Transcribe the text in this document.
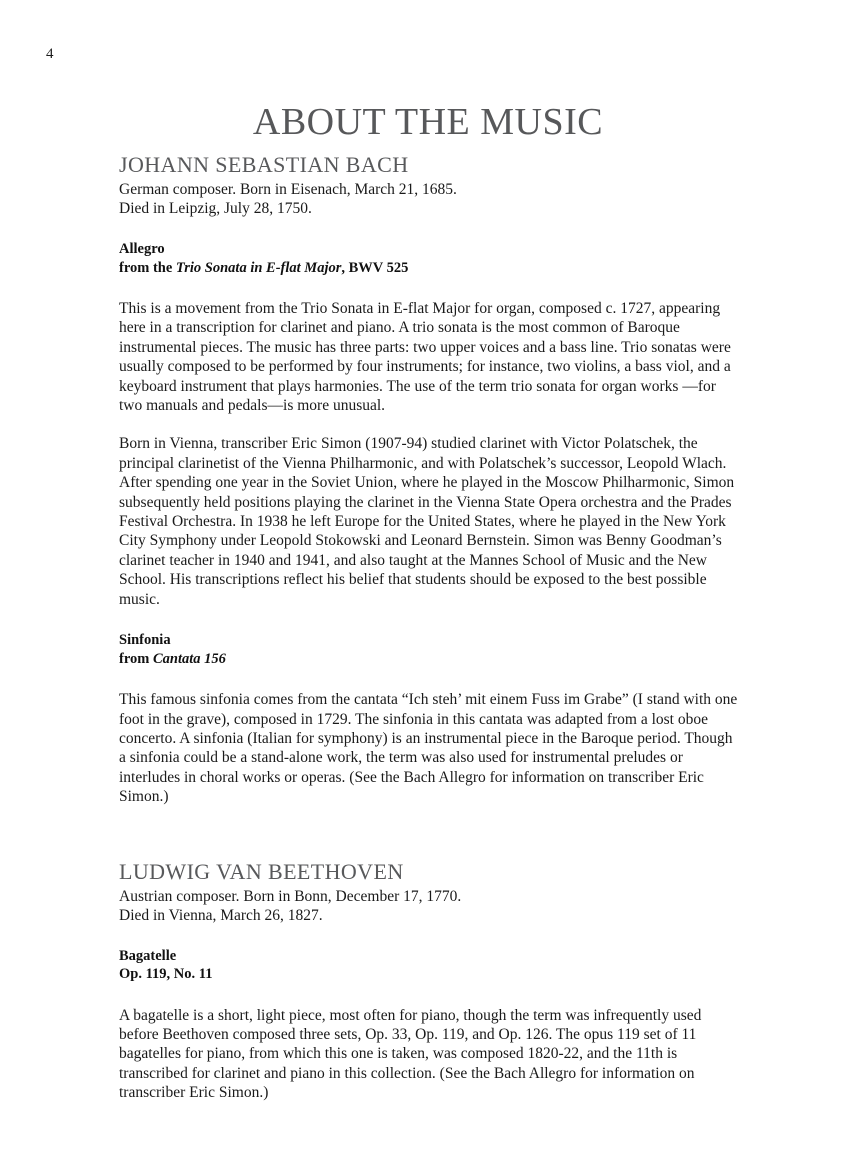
4
ABOUT THE MUSIC
JOHANN SEBASTIAN BACH

German composer. Born in Eisenach, March 21, 1685.

Died in Leipzig, July 28, 1750.

Allegro
from the Trio Sonata in E-flat Major, BWV 525

This is a movement from the Trio Sonata in E-flat Major for organ, composed c. 1727, appearing here in a transcription for clarinet and piano. A trio sonata is the most common of Baroque instrumental pieces. The music has three parts: two upper voices and a bass line. Trio sonatas were usually composed to be performed by four instruments; for instance, two violins, a bass viol, and a keyboard instrument that plays harmonies. The use of the term trio sonata for organ works —for two manuals and pedals—is more unusual.

Born in Vienna, transcriber Eric Simon (1907-94) studied clarinet with Victor Polatschek, the principal clarinetist of the Vienna Philharmonic, and with Polatschek’s successor, Leopold Wlach. After spending one year in the Soviet Union, where he played in the Moscow Philharmonic, Simon subsequently held positions playing the clarinet in the Vienna State Opera orchestra and the Prades Festival Orchestra. In 1938 he left Europe for the United States, where he played in the New York City Symphony under Leopold Stokowski and Leonard Bernstein. Simon was Benny Goodman’s clarinet teacher in 1940 and 1941, and also taught at the Mannes School of Music and the New School. His transcriptions reflect his belief that students should be exposed to the best possible music.

Sinfonia
from Cantata 156

This famous sinfonia comes from the cantata “Ich steh’ mit einem Fuss im Grabe” (I stand with one foot in the grave), composed in 1729. The sinfonia in this cantata was adapted from a lost oboe concerto. A sinfonia (Italian for symphony) is an instrumental piece in the Baroque period. Though a sinfonia could be a stand-alone work, the term was also used for instrumental preludes or interludes in choral works or operas. (See the Bach Allegro for information on transcriber Eric Simon.)

LUDWIG VAN BEETHOVEN

Austrian composer. Born in Bonn, December 17, 1770.

Died in Vienna, March 26, 1827.

Bagatelle
Op. 119, No. 11

A bagatelle is a short, light piece, most often for piano, though the term was infrequently used before Beethoven composed three sets, Op. 33, Op. 119, and Op. 126. The opus 119 set of 11 bagatelles for piano, from which this one is taken, was composed 1820-22, and the 11th is transcribed for clarinet and piano in this collection. (See the Bach Allegro for information on transcriber Eric Simon.)
